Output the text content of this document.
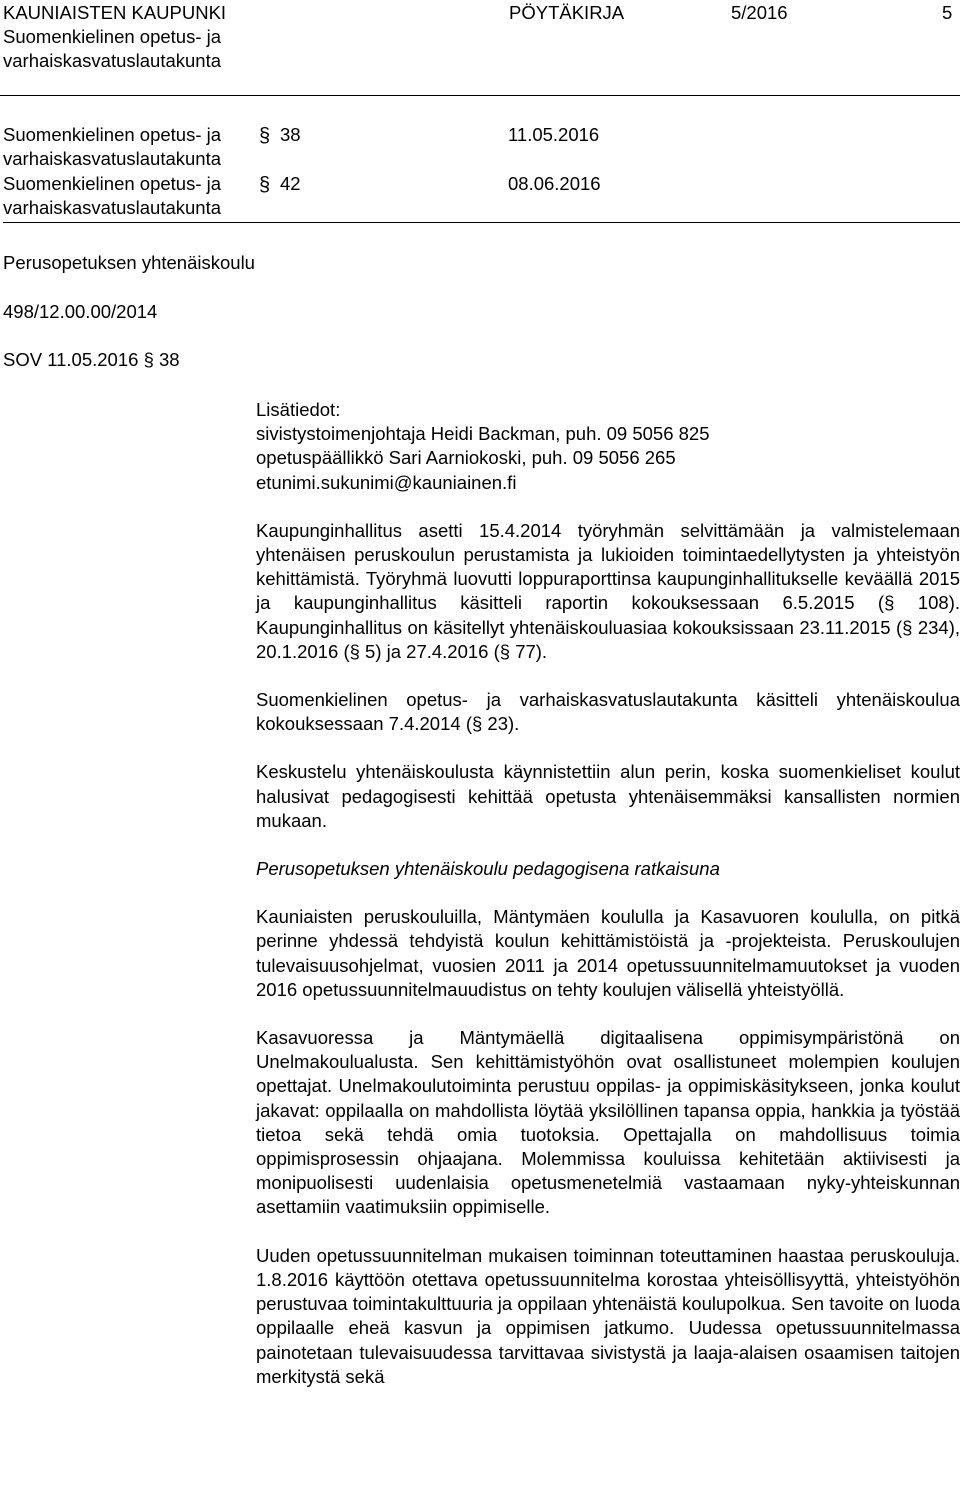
KAUNIAISTEN KAUPUNKI
Suomenkielinen opetus- ja
varhaiskasvatuslautakunta
PÖYTÄKIRJA	5/2016	5
Suomenkielinen opetus- ja
varhaiskasvatuslautakunta
§ 38	11.05.2016
Suomenkielinen opetus- ja
varhaiskasvatuslautakunta
§ 42	08.06.2016
Perusopetuksen yhtenäiskoulu
498/12.00.00/2014
SOV 11.05.2016 § 38
Lisätiedot:
sivistystoimenjohtaja Heidi Backman, puh. 09 5056 825
opetuspäällikkö Sari Aarniokoski, puh. 09 5056 265
etunimi.sukunimi@kauniainen.fi

Kaupunginhallitus asetti 15.4.2014 työryhmän selvittämään ja valmistelemaan yhtenäisen peruskoulun perustamista ja lukioiden toimintaedellytysten ja yhteistyön kehittämistä. Työryhmä luovutti loppuraporttinsa kaupunginhallitukselle keväällä 2015 ja kaupunginhallitus käsitteli raportin kokouksessaan 6.5.2015 (§ 108). Kaupunginhallitus on käsitellyt yhtenäiskouluasiaa kokouksissaan 23.11.2015 (§ 234), 20.1.2016 (§ 5) ja 27.4.2016 (§ 77).

Suomenkielinen opetus- ja varhaiskasvatuslautakunta käsitteli yhtenäiskoulua kokouksessaan 7.4.2014 (§ 23).

Keskustelu yhtenäiskoulusta käynnistettiin alun perin, koska suomenkieliset koulut halusivat pedagogisesti kehittää opetusta yhtenäisemmäksi kansallisten normien mukaan.

Perusopetuksen yhtenäiskoulu pedagogisena ratkaisuna

Kauniaisten peruskouluilla, Mäntymäen koululla ja Kasavuoren koululla, on pitkä perinne yhdessä tehdyistä koulun kehittämistöistä ja -projekteista. Peruskoulujen tulevaisuusohjelmat, vuosien 2011 ja 2014 opetussuunnitelmamuutokset ja vuoden 2016 opetussuunnitelmauudistus on tehty koulujen välisellä yhteistyöllä.

Kasavuoressa ja Mäntymäellä digitaalisena oppimisympäristönä on Unelmakoulualusta. Sen kehittämistyöhön ovat osallistuneet molempien koulujen opettajat. Unelmakoulutoiminta perustuu oppilas- ja oppimiskäsitykseen, jonka koulut jakavat: oppilaalla on mahdollista löytää yksilöllinen tapansa oppia, hankkia ja työstää tietoa sekä tehdä omia tuotoksia. Opettajalla on mahdollisuus toimia oppimisprosessin ohjaajana. Molemmissa kouluissa kehitetään aktiivisesti ja monipuolisesti uudenlaisia opetusmenetelmiä vastaamaan nyky-yhteiskunnan asettamiin vaatimuksiin oppimiselle.

Uuden opetussuunnitelman mukaisen toiminnan toteuttaminen haastaa peruskouluja. 1.8.2016 käyttöön otettava opetussuunnitelma korostaa yhteisöllisyyttä, yhteistyöhön perustuvaa toimintakulttuuria ja oppilaan yhtenäistä koulupolkua. Sen tavoite on luoda oppilaalle eheä kasvun ja oppimisen jatkumo. Uudessa opetussuunnitelmassa painotetaan tulevaisuudessa tarvittavaa sivistystä ja laaja-alaisen osaamisen taitojen merkitystä sekä
